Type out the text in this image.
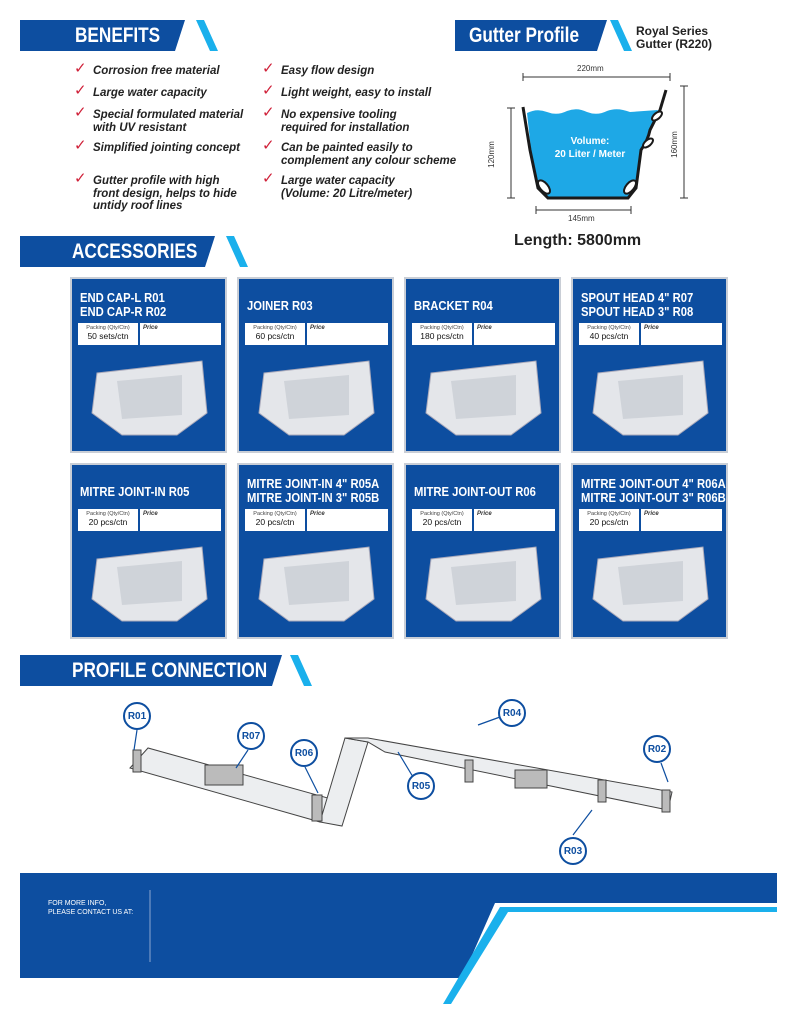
BENEFITS
✓ Corrosion free material
✓ Large water capacity
✓ Special formulated material
with UV resistant
✓ Simplified jointing concept
✓ Gutter profile with high
front design, helps to hide
untidy roof lines
✓ Easy flow design
✓ Light weight, easy to install
✓ No expensive tooling
required for installation
✓ Can be painted easily to
complement any colour scheme
✓ Large water capacity
(Volume: 20 Litre/meter)
Gutter Profile	Royal Series
Gutter (R220)
220mm
145mm
120mm	160mm
Volume:
20 Liter / Meter
Length: 5800mm
ACCESSORIES
END CAP-L R01
END CAP-R R02
Packing (Qty/Ctn)
50 sets/ctn
Price
JOINER R03
Packing (Qty/Ctn)
60 pcs/ctn
Price
BRACKET R04
Packing (Qty/Ctn)
180 pcs/ctn
Price
SPOUT HEAD 4" R07
SPOUT HEAD 3" R08
Packing (Qty/Ctn)
40 pcs/ctn
Price
MITRE JOINT-IN R05
Packing (Qty/Ctn)
20 pcs/ctn
Price
MITRE JOINT-IN 4" R05A
MITRE JOINT-IN 3" R05B
Packing (Qty/Ctn)
20 pcs/ctn
Price
MITRE JOINT-OUT R06
Packing (Qty/Ctn)
20 pcs/ctn
Price
MITRE JOINT-OUT 4" R06A
MITRE JOINT-OUT 3" R06B
Packing (Qty/Ctn)
20 pcs/ctn
Price
PROFILE CONNECTION
R01
R07
R06
R05
R04
R02
R03
FOR MORE INFO,
PLEASE CONTACT US AT:
